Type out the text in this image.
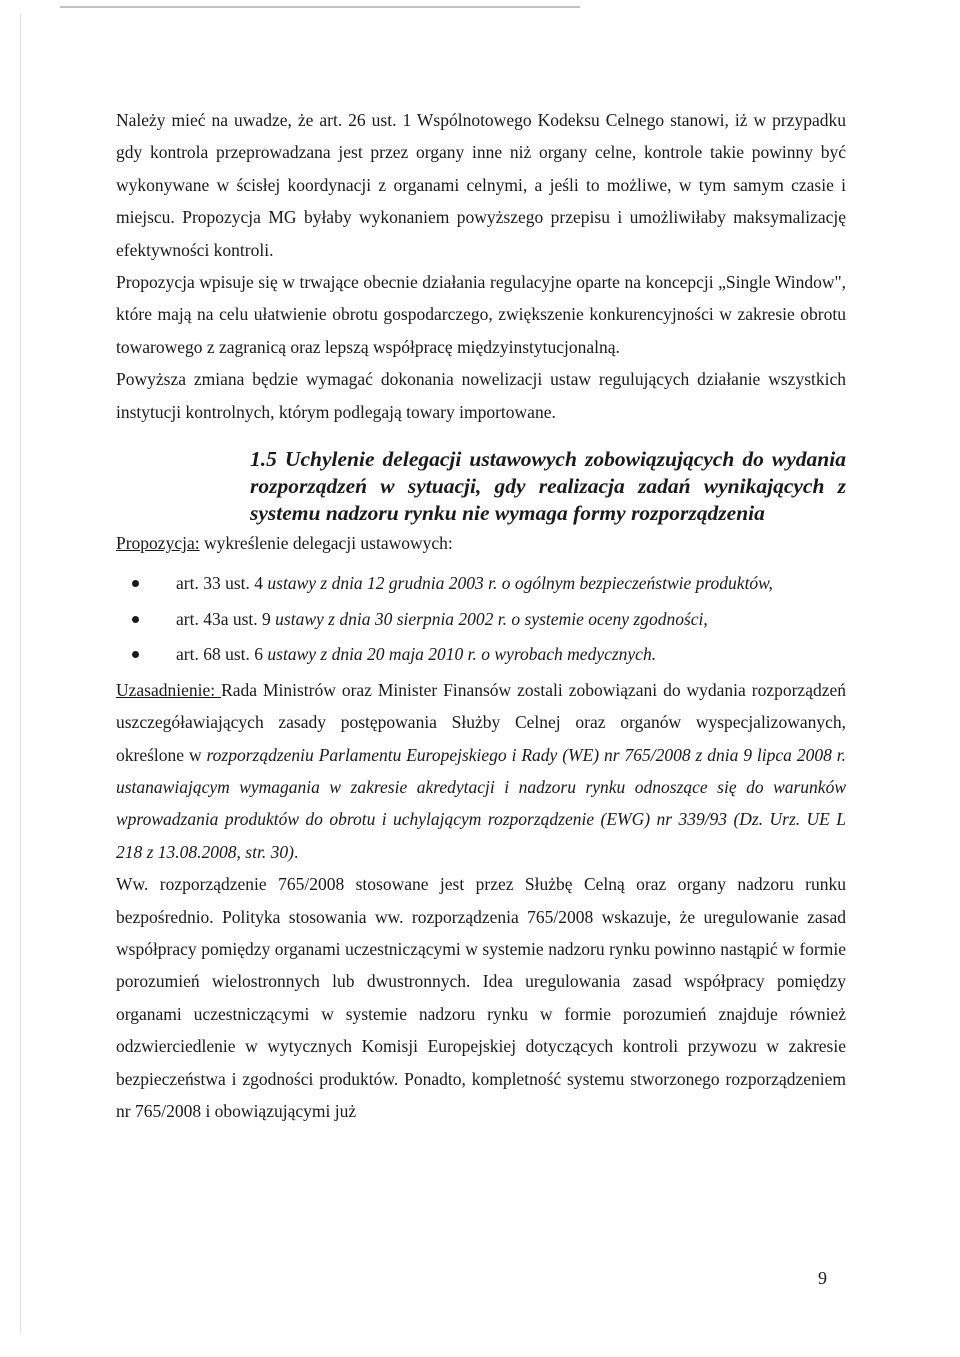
Należy mieć na uwadze, że art. 26 ust. 1 Wspólnotowego Kodeksu Celnego stanowi, iż w przypadku gdy kontrola przeprowadzana jest przez organy inne niż organy celne, kontrole takie powinny być wykonywane w ścisłej koordynacji z organami celnymi, a jeśli to możliwe, w tym samym czasie i miejscu. Propozycja MG byłaby wykonaniem powyższego przepisu i umożliwiłaby maksymalizację efektywności kontroli.

Propozycja wpisuje się w trwające obecnie działania regulacyjne oparte na koncepcji „Single Window", które mają na celu ułatwienie obrotu gospodarczego, zwiększenie konkurencyjności w zakresie obrotu towarowego z zagranicą oraz lepszą współpracę międzyinstytucjonalną.

Powyższa zmiana będzie wymagać dokonania nowelizacji ustaw regulujących działanie wszystkich instytucji kontrolnych, którym podlegają towary importowane.

1.5 Uchylenie delegacji ustawowych zobowiązujących do wydania rozporządzeń w sytuacji, gdy realizacja zadań wynikających z systemu nadzoru rynku nie wymaga formy rozporządzenia

Propozycja: wykreślenie delegacji ustawowych:

art. 33 ust. 4 ustawy z dnia 12 grudnia 2003 r. o ogólnym bezpieczeństwie produktów,
art. 43a ust. 9 ustawy z dnia 30 sierpnia 2002 r. o systemie oceny zgodności,
art. 68 ust. 6 ustawy z dnia 20 maja 2010 r. o wyrobach medycznych.

Uzasadnienie: Rada Ministrów oraz Minister Finansów zostali zobowiązani do wydania rozporządzeń uszczegóławiających zasady postępowania Służby Celnej oraz organów wyspecjalizowanych, określone w rozporządzeniu Parlamentu Europejskiego i Rady (WE) nr 765/2008 z dnia 9 lipca 2008 r. ustanawiającym wymagania w zakresie akredytacji i nadzoru rynku odnoszące się do warunków wprowadzania produktów do obrotu i uchylającym rozporządzenie (EWG) nr 339/93 (Dz. Urz. UE L 218 z 13.08.2008, str. 30).

Ww. rozporządzenie 765/2008 stosowane jest przez Służbę Celną oraz organy nadzoru runku bezpośrednio. Polityka stosowania ww. rozporządzenia 765/2008 wskazuje, że uregulowanie zasad współpracy pomiędzy organami uczestniczącymi w systemie nadzoru rynku powinno nastąpić w formie porozumień wielostronnych lub dwustronnych. Idea uregulowania zasad współpracy pomiędzy organami uczestniczącymi w systemie nadzoru rynku w formie porozumień znajduje również odzwierciedlenie w wytycznych Komisji Europejskiej dotyczących kontroli przywozu w zakresie bezpieczeństwa i zgodności produktów. Ponadto, kompletność systemu stworzonego rozporządzeniem nr 765/2008 i obowiązującymi już

9
